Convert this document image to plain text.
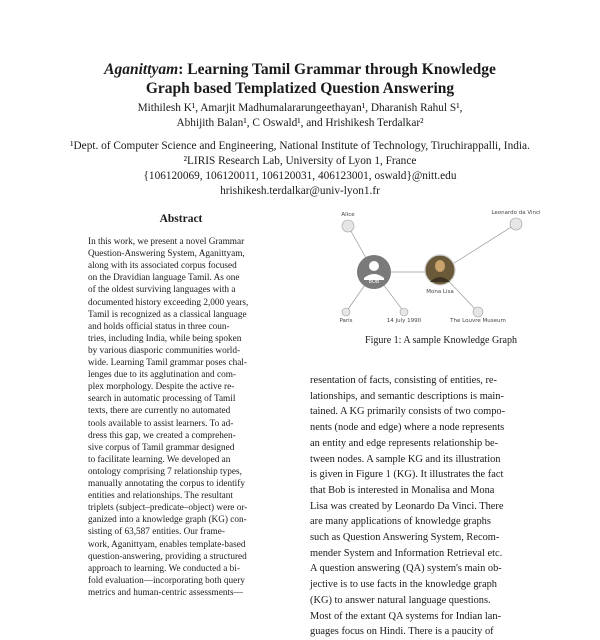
Aganittyam: Learning Tamil Grammar through Knowledge
Graph based Templatized Question Answering
Mithilesh K¹, Amarjit Madhumalararungeethayan¹, Dharanish Rahul S¹,
Abhijith Balan¹, C Oswald¹, and Hrishikesh Terdalkar²
¹Dept. of Computer Science and Engineering, National Institute of Technology, Tiruchirappalli, India.
²LIRIS Research Lab, University of Lyon 1, France
{106120069, 106120011, 106120031, 406123001, oswald}@nitt.edu
hrishikesh.terdalkar@univ-lyon1.fr
Abstract
In this work, we present a novel Grammar
Question-Answering System, Aganittyam,
along with its associated corpus focused
on the Dravidian language Tamil. As one
of the oldest surviving languages with a
documented history exceeding 2,000 years,
Tamil is recognized as a classical language
and holds official status in three coun-
tries, including India, while being spoken
by various diasporic communities world-
wide. Learning Tamil grammar poses chal-
lenges due to its agglutination and com-
plex morphology. Despite the active re-
search in automatic processing of Tamil
texts, there are currently no automated
tools available to assist learners. To ad-
dress this gap, we created a comprehen-
sive corpus of Tamil grammar designed
to facilitate learning. We developed an
ontology comprising 7 relationship types,
manually annotating the corpus to identify
entities and relationships. The resultant
triplets (subject–predicate–object) were or-
ganized into a knowledge graph (KG) con-
sisting of 63,587 entities. Our frame-
work, Aganittyam, enables template-based
question-answering, providing a structured
approach to learning. We conducted a bi-
fold evaluation—incorporating both query
metrics and human-centric assessments—
Alice	Leonardo da Vinci
BOB
Mona Lisa
Paris	14 July 1990	The Louvre Museum
Figure 1: A sample Knowledge Graph
resentation of facts, consisting of entities, re-
lationships, and semantic descriptions is main-
tained. A KG primarily consists of two compo-
nents (node and edge) where a node represents
an entity and edge represents relationship be-
tween nodes. A sample KG and its illustration
is given in Figure 1 (KG). It illustrates the fact
that Bob is interested in Monalisa and Mona
Lisa was created by Leonardo Da Vinci. There
are many applications of knowledge graphs
such as Question Answering System, Recom-
mender System and Information Retrieval etc.
A question answering (QA) system's main ob-
jective is to use facts in the knowledge graph
(KG) to answer natural language questions.
Most of the extant QA systems for Indian lan-
guages focus on Hindi. There is a paucity of
